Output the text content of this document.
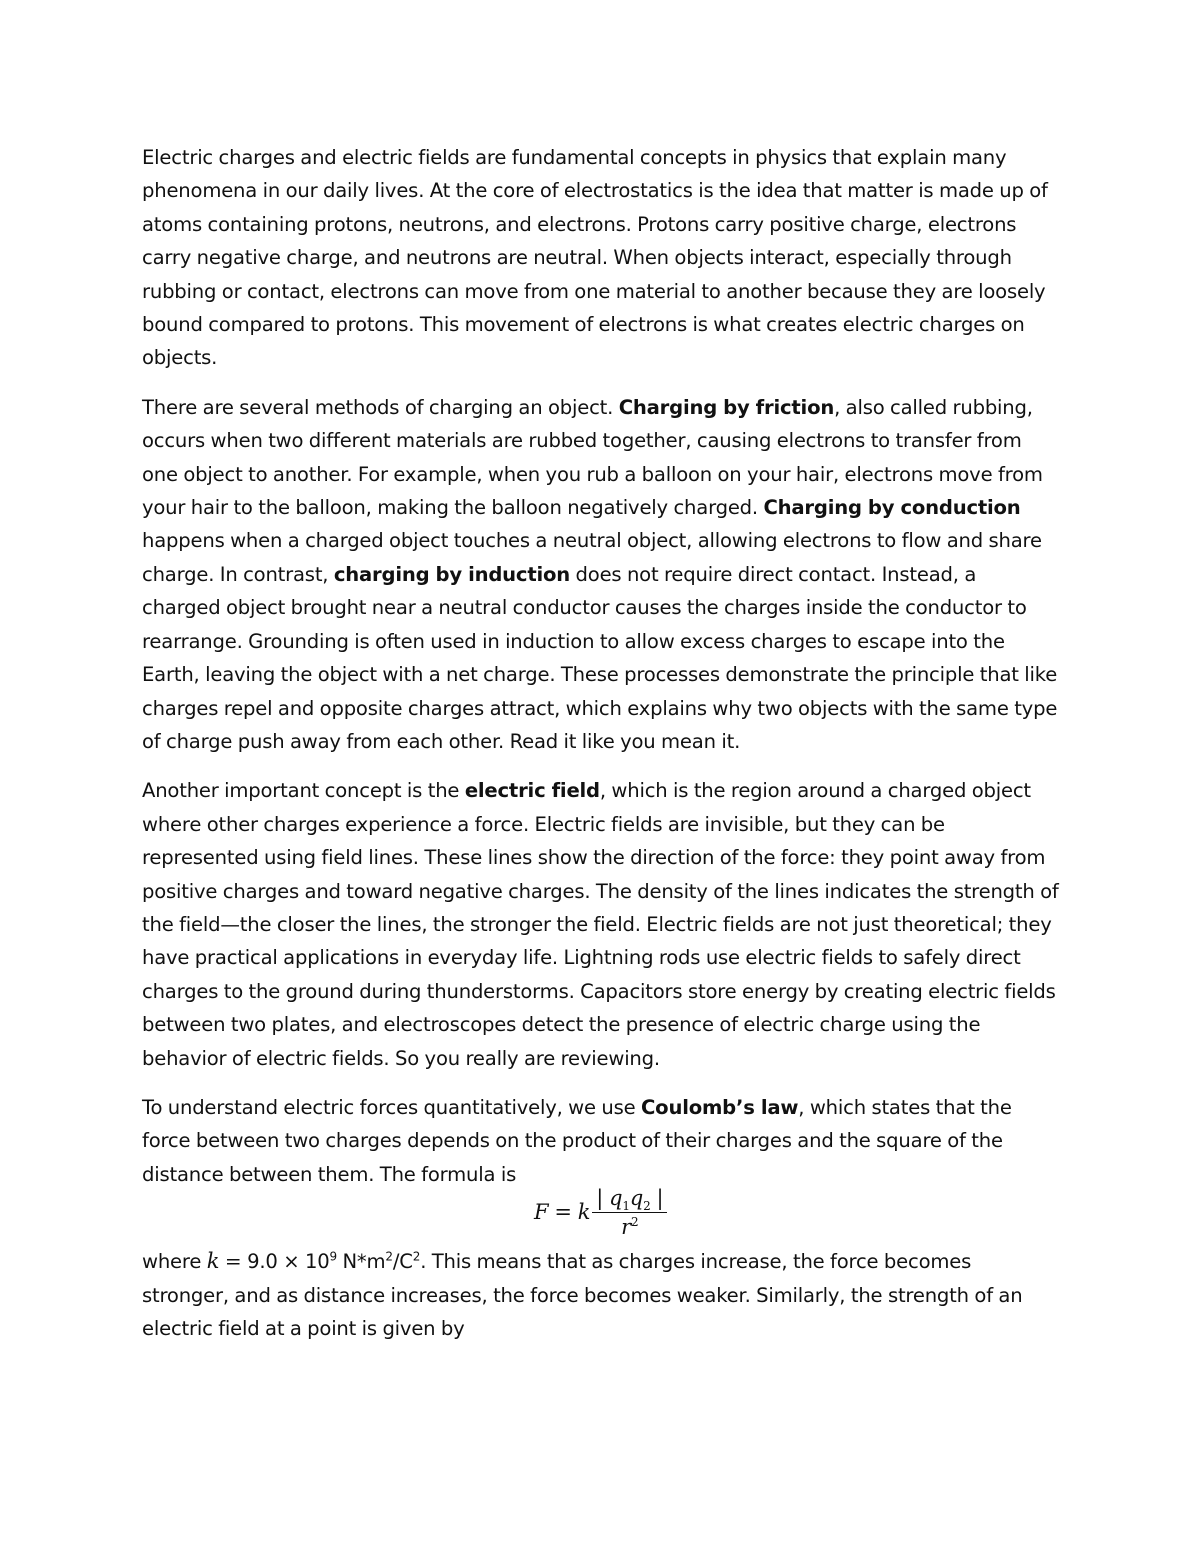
Electric charges and electric fields are fundamental concepts in physics that explain many phenomena in our daily lives. At the core of electrostatics is the idea that matter is made up of atoms containing protons, neutrons, and electrons. Protons carry positive charge, electrons carry negative charge, and neutrons are neutral. When objects interact, especially through rubbing or contact, electrons can move from one material to another because they are loosely bound compared to protons. This movement of electrons is what creates electric charges on objects.

There are several methods of charging an object. Charging by friction, also called rubbing, occurs when two different materials are rubbed together, causing electrons to transfer from one object to another. For example, when you rub a balloon on your hair, electrons move from your hair to the balloon, making the balloon negatively charged. Charging by conduction happens when a charged object touches a neutral object, allowing electrons to flow and share charge. In contrast, charging by induction does not require direct contact. Instead, a charged object brought near a neutral conductor causes the charges inside the conductor to rearrange. Grounding is often used in induction to allow excess charges to escape into the Earth, leaving the object with a net charge. These processes demonstrate the principle that like charges repel and opposite charges attract, which explains why two objects with the same type of charge push away from each other. Read it like you mean it.

Another important concept is the electric field, which is the region around a charged object where other charges experience a force. Electric fields are invisible, but they can be represented using field lines. These lines show the direction of the force: they point away from positive charges and toward negative charges. The density of the lines indicates the strength of the field—the closer the lines, the stronger the field. Electric fields are not just theoretical; they have practical applications in everyday life. Lightning rods use electric fields to safely direct charges to the ground during thunderstorms. Capacitors store energy by creating electric fields between two plates, and electroscopes detect the presence of electric charge using the behavior of electric fields. So you really are reviewing.

To understand electric forces quantitatively, we use Coulomb’s law, which states that the force between two charges depends on the product of their charges and the square of the distance between them. The formula is

F = k $\frac{| q_1q_2 |}{r^2}$

where $k = 9.0 \times 10^9$ $N*m^2/C^2$. This means that as charges increase, the force becomes stronger, and as distance increases, the force becomes weaker. Similarly, the strength of an electric field at a point is given by
